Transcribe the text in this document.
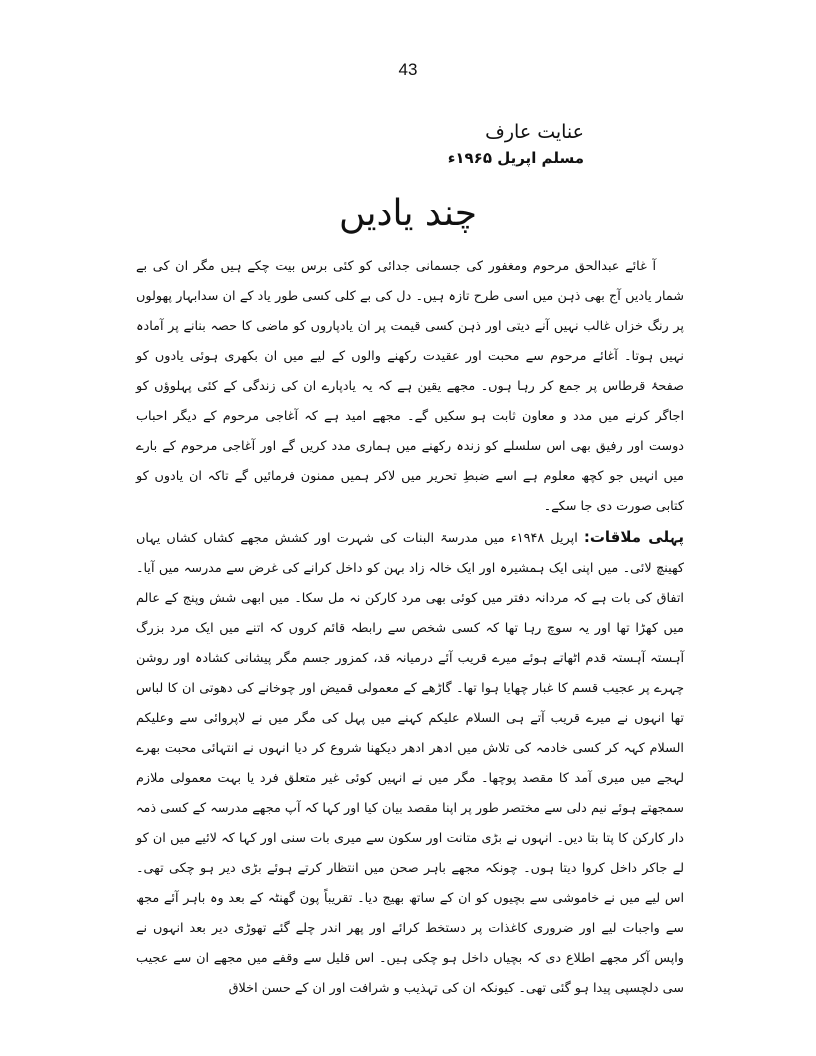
43
عنایت عارف
مسلم اپریل ۱۹۶۵ء
چند یادیں

آ غائے عبدالحق مرحوم ومغفور کی جسمانی جدائی کو کئی برس بیت چکے ہیں مگر ان کی بے شمار یادیں آج بھی ذہن میں اسی طرح تازہ ہیں۔ دل کی بے کلی کسی طور یاد کے ان سدابہار پھولوں پر رنگ خزاں غالب نہیں آنے دیتی اور ذہن کسی قیمت پر ان یادپاروں کو ماضی کا حصہ بنانے پر آمادہ نہیں ہوتا۔ آغائے مرحوم سے محبت اور عقیدت رکھنے والوں کے لیے میں ان بکھری ہوئی یادوں کو صفحۂ قرطاس پر جمع کر رہا ہوں۔ مجھے یقین ہے کہ یہ یادپارے ان کی زندگی کے کئی پہلوؤں کو اجاگر کرنے میں مدد و معاون ثابت ہو سکیں گے۔ مجھے امید ہے کہ آغاجی مرحوم کے دیگر احباب دوست اور رفیق بھی اس سلسلے کو زندہ رکھنے میں ہماری مدد کریں گے اور آغاجی مرحوم کے بارے میں انہیں جو کچھ معلوم ہے اسے ضبطِ تحریر میں لاکر ہمیں ممنون فرمائیں گے تاکہ ان یادوں کو کتابی صورت دی جا سکے۔

پہلی ملاقات: اپریل ۱۹۴۸ء میں مدرسۃ البنات کی شہرت اور کشش مجھے کشاں کشاں یہاں کھینچ لائی۔ میں اپنی ایک ہمشیرہ اور ایک خالہ زاد بہن کو داخل کرانے کی غرض سے مدرسہ میں آیا۔ اتفاق کی بات ہے کہ مردانہ دفتر میں کوئی بھی مرد کارکن نہ مل سکا۔ میں ابھی شش وپنج کے عالم میں کھڑا تھا اور یہ سوچ رہا تھا کہ کسی شخص سے رابطہ قائم کروں کہ اتنے میں ایک مرد بزرگ آہستہ آہستہ قدم اٹھاتے ہوئے میرے قریب آئے درمیانہ قد، کمزور جسم مگر پیشانی کشادہ اور روشن چہرے پر عجیب قسم کا غبار چھایا ہوا تھا۔ گاڑھے کے معمولی قمیض اور چوخانے کی دھوتی ان کا لباس تھا انہوں نے میرے قریب آتے ہی السلام علیکم کہنے میں پہل کی مگر میں نے لاپروائی سے وعلیکم السلام کہہ کر کسی خادمہ کی تلاش میں ادھر ادھر دیکھنا شروع کر دیا انہوں نے انتہائی محبت بھرے لہجے میں میری آمد کا مقصد پوچھا۔ مگر میں نے انہیں کوئی غیر متعلق فرد یا بہت معمولی ملازم سمجھتے ہوئے نیم دلی سے مختصر طور پر اپنا مقصد بیان کیا اور کہا کہ آپ مجھے مدرسہ کے کسی ذمہ دار کارکن کا پتا بتا دیں۔ انہوں نے بڑی متانت اور سکون سے میری بات سنی اور کہا کہ لائیے میں ان کو لے جاکر داخل کروا دیتا ہوں۔ چونکہ مجھے باہر صحن میں انتظار کرتے ہوئے بڑی دیر ہو چکی تھی۔ اس لیے میں نے خاموشی سے بچیوں کو ان کے ساتھ بھیج دیا۔ تقریباً پون گھنٹہ کے بعد وہ باہر آئے مجھ سے واجبات لیے اور ضروری کاغذات پر دستخط کرائے اور پھر اندر چلے گئے تھوڑی دیر بعد انہوں نے واپس آکر مجھے اطلاع دی کہ بچیاں داخل ہو چکی ہیں۔ اس قلیل سے وقفے میں مجھے ان سے عجیب سی دلچسپی پیدا ہو گئی تھی۔ کیونکہ ان کی تہذیب و شرافت اور ان کے حسن اخلاق
